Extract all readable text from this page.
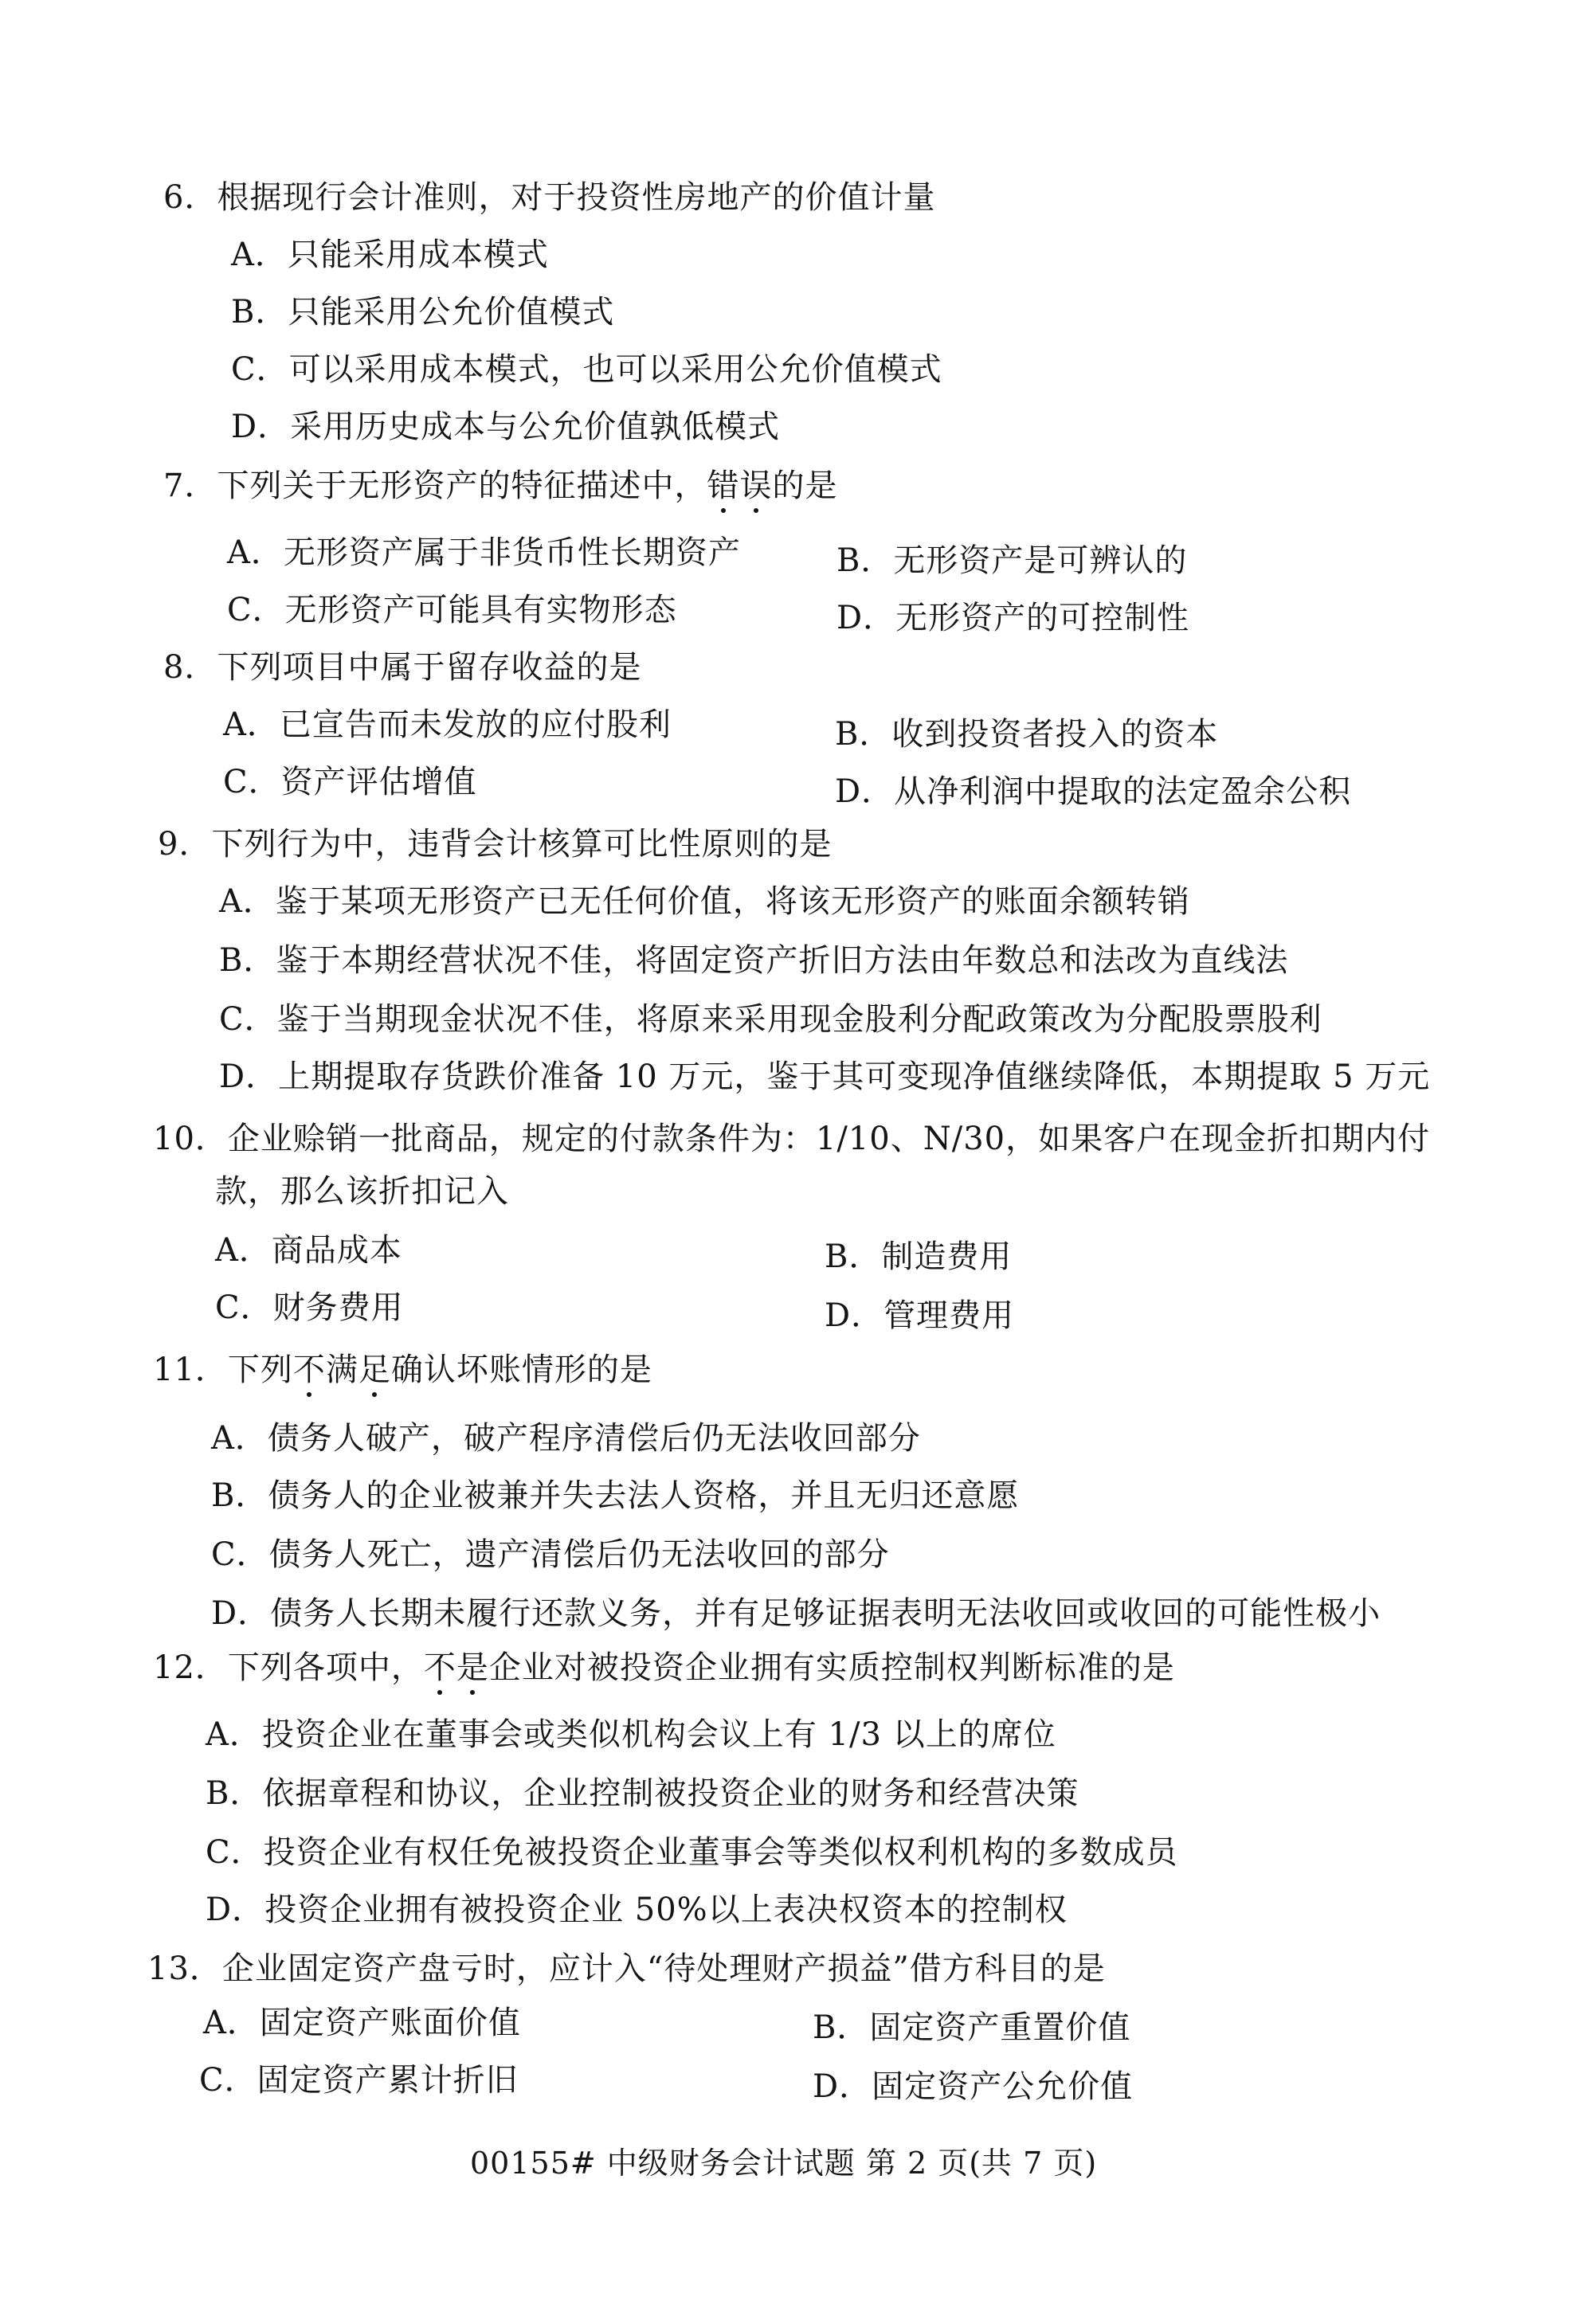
6．根据现行会计准则，对于投资性房地产的价值计量
A．只能采用成本模式
B．只能采用公允价值模式
C．可以采用成本模式，也可以采用公允价值模式
D．采用历史成本与公允价值孰低模式
7．下列关于无形资产的特征描述中，错误的是
A．无形资产属于非货币性长期资产	B．无形资产是可辨认的
C．无形资产可能具有实物形态	D．无形资产的可控制性
8．下列项目中属于留存收益的是
A．已宣告而未发放的应付股利	B．收到投资者投入的资本
C．资产评估增值	D．从净利润中提取的法定盈余公积
9．下列行为中，违背会计核算可比性原则的是
A．鉴于某项无形资产已无任何价值，将该无形资产的账面余额转销
B．鉴于本期经营状况不佳，将固定资产折旧方法由年数总和法改为直线法
C．鉴于当期现金状况不佳，将原来采用现金股利分配政策改为分配股票股利
D．上期提取存货跌价准备 10 万元，鉴于其可变现净值继续降低，本期提取 5 万元
10．企业赊销一批商品，规定的付款条件为：1/10、N/30，如果客户在现金折扣期内付
款，那么该折扣记入
A．商品成本	B．制造费用
C．财务费用	D．管理费用
11．下列不满足确认坏账情形的是
A．债务人破产，破产程序清偿后仍无法收回部分
B．债务人的企业被兼并失去法人资格，并且无归还意愿
C．债务人死亡，遗产清偿后仍无法收回的部分
D．债务人长期未履行还款义务，并有足够证据表明无法收回或收回的可能性极小
12．下列各项中，不是企业对被投资企业拥有实质控制权判断标准的是
A．投资企业在董事会或类似机构会议上有 1/3 以上的席位
B．依据章程和协议，企业控制被投资企业的财务和经营决策
C．投资企业有权任免被投资企业董事会等类似权利机构的多数成员
D．投资企业拥有被投资企业 50%以上表决权资本的控制权
13．企业固定资产盘亏时，应计入“待处理财产损益”借方科目的是
A．固定资产账面价值	B．固定资产重置价值
C．固定资产累计折旧	D．固定资产公允价值
00155# 中级财务会计试题 第 2 页(共 7 页)
